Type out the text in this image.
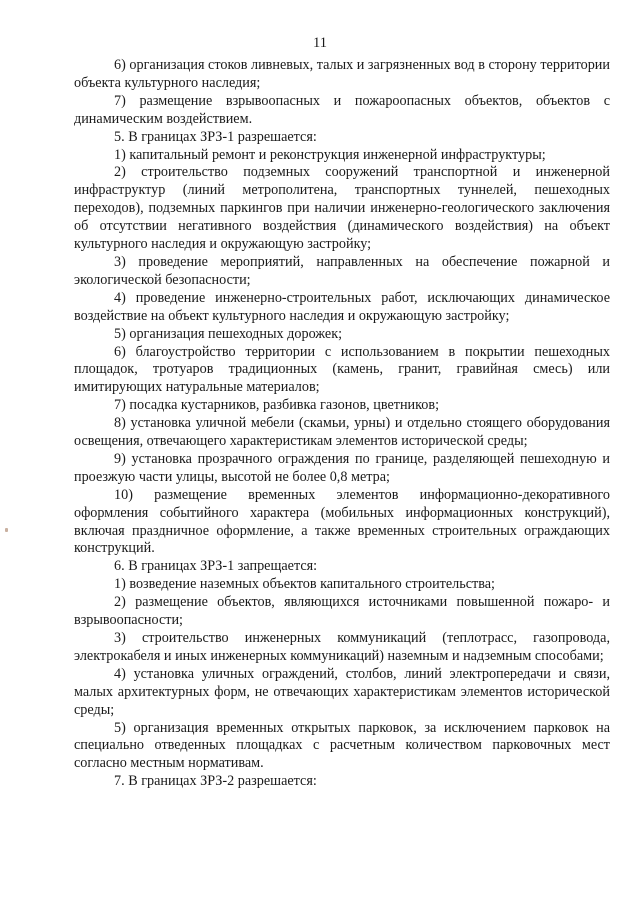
11

6) организация стоков ливневых, талых и загрязненных вод в сторону территории объекта культурного наследия;

7) размещение взрывоопасных и пожароопасных объектов, объектов с динамическим воздействием.

5. В границах ЗРЗ-1 разрешается:

1) капитальный ремонт и реконструкция инженерной инфраструктуры;

2) строительство подземных сооружений транспортной и инженерной инфраструктур (линий метрополитена, транспортных туннелей, пешеходных переходов), подземных паркингов при наличии инженерно-геологического заключения об отсутствии негативного воздействия (динамического воздействия) на объект культурного наследия и окружающую застройку;

3) проведение мероприятий, направленных на обеспечение пожарной и экологической безопасности;

4) проведение инженерно-строительных работ, исключающих динамическое воздействие на объект культурного наследия и окружающую застройку;

5) организация пешеходных дорожек;

6) благоустройство территории с использованием в покрытии пешеходных площадок, тротуаров традиционных (камень, гранит, гравийная смесь) или имитирующих натуральные материалов;

7) посадка кустарников, разбивка газонов, цветников;

8) установка уличной мебели (скамьи, урны) и отдельно стоящего оборудования освещения, отвечающего характеристикам элементов исторической среды;

9) установка прозрачного ограждения по границе, разделяющей пешеходную и проезжую части улицы, высотой не более 0,8 метра;

10) размещение временных элементов информационно-декоративного оформления событийного характера (мобильных информационных конструкций), включая праздничное оформление, а также временных строительных ограждающих конструкций.

6. В границах ЗРЗ-1 запрещается:

1) возведение наземных объектов капитального строительства;

2) размещение объектов, являющихся источниками повышенной пожаро- и взрывоопасности;

3) строительство инженерных коммуникаций (теплотрасс, газопровода, электрокабеля и иных инженерных коммуникаций) наземным и надземным способами;

4) установка уличных ограждений, столбов, линий электропередачи и связи, малых архитектурных форм, не отвечающих характеристикам элементов исторической среды;

5) организация временных открытых парковок, за исключением парковок на специально отведенных площадках с расчетным количеством парковочных мест согласно местным нормативам.

7. В границах ЗРЗ-2 разрешается:
